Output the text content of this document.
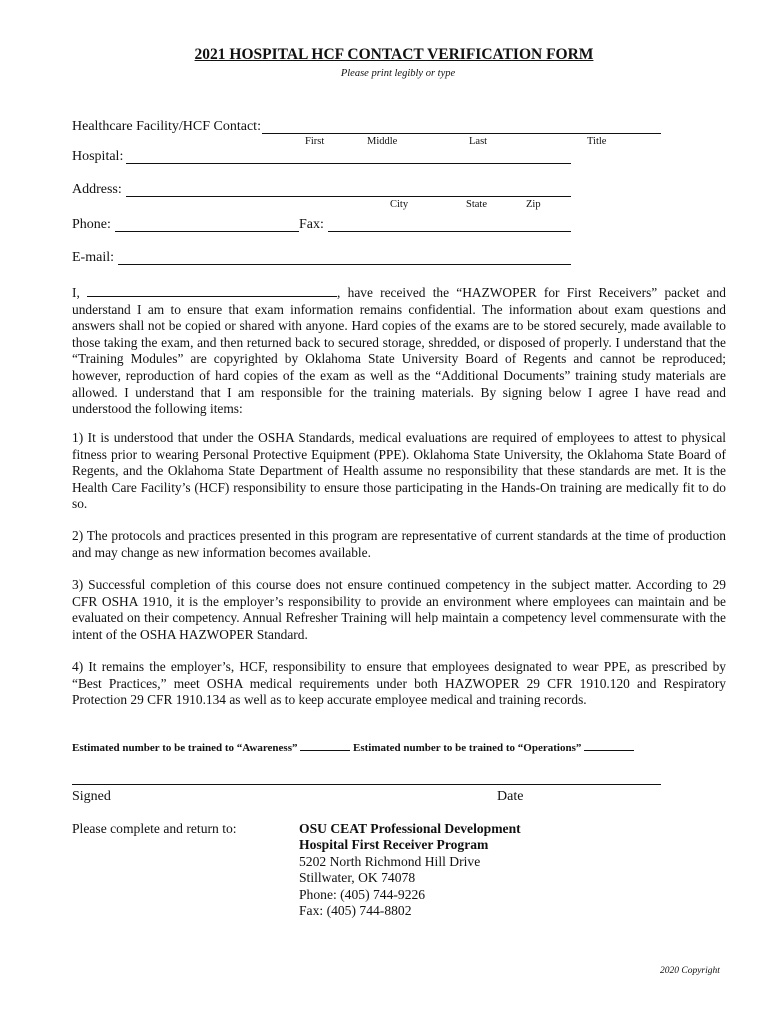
2021 HOSPITAL HCF CONTACT VERIFICATION FORM
Please print legibly or type
Healthcare Facility/HCF Contact:
First	Middle	Last	Title
Hospital:
Address:
City	State	Zip
Phone:	Fax:
E-mail:

I,	, have received the “HAZWOPER for First Receivers” packet and understand I am to ensure that exam information remains confidential. The information about exam questions and answers shall not be copied or shared with anyone. Hard copies of the exams are to be stored securely, made available to those taking the exam, and then returned back to secured storage, shredded, or disposed of properly. I understand that the “Training Modules” are copyrighted by Oklahoma State University Board of Regents and cannot be reproduced; however, reproduction of hard copies of the exam as well as the “Additional Documents” training study materials are allowed. I understand that I am responsible for the training materials. By signing below I agree I have read and understood the following items:

1) It is understood that under the OSHA Standards, medical evaluations are required of employees to attest to physical fitness prior to wearing Personal Protective Equipment (PPE). Oklahoma State University, the Oklahoma State Board of Regents, and the Oklahoma State Department of Health assume no responsibility that these standards are met. It is the Health Care Facility’s (HCF) responsibility to ensure those participating in the Hands-On training are medically fit to do so.

2) The protocols and practices presented in this program are representative of current standards at the time of production and may change as new information becomes available.

3) Successful completion of this course does not ensure continued competency in the subject matter. According to 29 CFR OSHA 1910, it is the employer’s responsibility to provide an environment where employees can maintain and be evaluated on their competency. Annual Refresher Training will help maintain a competency level commensurate with the intent of the OSHA HAZWOPER Standard.

4) It remains the employer’s, HCF, responsibility to ensure that employees designated to wear PPE, as prescribed by “Best Practices,” meet OSHA medical requirements under both HAZWOPER 29 CFR 1910.120 and Respiratory Protection 29 CFR 1910.134 as well as to keep accurate employee medical and training records.

Estimated number to be trained to “Awareness”	Estimated number to be trained to “Operations”
Signed	Date
Please complete and return to:	OSU CEAT Professional Development
Hospital First Receiver Program
5202 North Richmond Hill Drive
Stillwater, OK 74078
Phone: (405) 744-9226
Fax: (405) 744-8802
2020 Copyright
